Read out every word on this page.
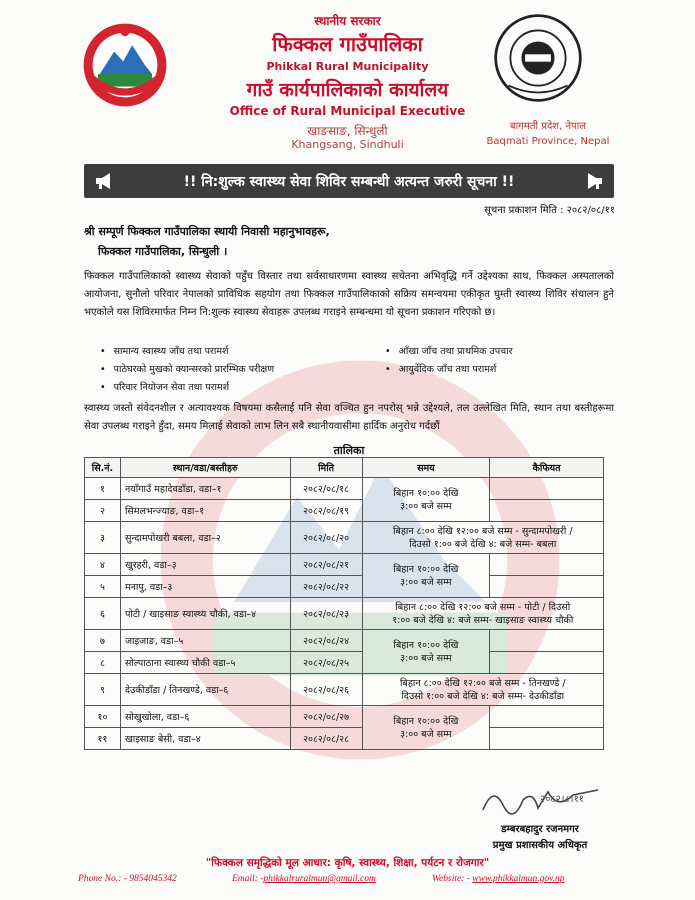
स्थानीय सरकार
फिक्कल गाउँपालिका
Phikkal Rural Municipality
गाउँ कार्यपालिकाको कार्यालय
Office of Rural Municipal Executive
खाङसाङ, सिन्धुली
Khangsang, Sindhuli
बागमती प्रदेश, नेपाल
Baqmati Province, Nepal
!! नि:शुल्क स्वास्थ्य सेवा शिविर सम्बन्धी अत्यन्त जरुरी सूचना !!
सूचना प्रकाशन मिति : २०८२/०८/११
श्री सम्पूर्ण फिक्कल गाउँपालिका स्थायी निवासी महानुभावहरू,
फिक्कल गाउँपालिका, सिन्धुली ।
फिक्कल गाउँपालिकाको स्वास्थ्य सेवाको पहुँच विस्तार तथा सर्वसाधारणमा स्वास्थ्य सचेतना अभिवृद्धि गर्ने उद्देश्यका साथ, फिक्कल अस्पतालको आयोजना, सुनौलो परिवार नेपालको प्राविधिक सहयोग तथा फिक्कल गाउँपालिकाको सक्रिय समन्वयमा एकीकृत घुम्ती स्वास्थ्य शिविर संचालन हुने भएकोले यस शिविरमार्फत निम्न नि:शुल्क स्वास्थ्य सेवाहरू उपलब्ध गराइने सम्बन्धमा यो सूचना प्रकाशन गरिएको छ।
• सामान्य स्वास्थ्य जाँच तथा परामर्श	• आँखा जाँच तथा प्राथमिक उपचार
• पाठेघरको मुखको क्यान्सरको प्रारम्भिक परीक्षण	• आयुर्वेदिक जाँच तथा परामर्श
• परिवार नियोजन सेवा तथा परामर्श
स्वास्थ्य जस्तो संवेदनशील र अत्यावश्यक विषयमा कसैलाई पनि सेवा वञ्चित हुन नपरोस् भन्ने उद्देश्यले, तल उल्लेखित मिति, स्थान तथा बस्तीहरूमा सेवा उपलब्ध गराइने हुँदा, समय मिलाई सेवाको लाभ लिन सबै स्थानीयवासीमा हार्दिक अनुरोध गर्दछौं
तालिका
सि.नं.	स्थान/वडा/बस्तीहरु	मिति	समय	कैफियत
१	नयाँगाउँ महादेवडाँडा, वडा–१	२०८२/०८/१८	बिहान १०:०० देखि
३:०० बजे सम्म	

२	सिमलभन्ज्याङ, वडा–१	२०८२/०८/१९		
३	सुन्दामपोखरी बबला, वडा–२	२०८२/०८/२०	बिहान ८:०० देखि १२:०० बजे सम्म - सुन्दामपोखरी /
दिउसो १:०० बजे देखि ४: बजे सम्म- बबला	

४	खुरहरी, वडा–३	२०८२/०८/२१	बिहान १०:०० देखि
३:०० बजे सम्म	

५	मनापु, वडा–३	२०८२/०८/२२		
६	पोटी / खाइसाङ स्वास्थ्य चौकी, वडा–४	२०८२/०८/२३	बिहान ८:०० देखि १२:०० बजे सम्म - पोटी / दिउसो
१:०० बजे देखि ४: बजे सम्म- खाइसाङ स्वास्थ्य चौकी	

७	जाइजाङ, वडा–५	२०८२/०८/२४	बिहान १०:०० देखि
३:०० बजे सम्म	

८	सोल्पाठाना स्वास्थ्य चौकी वडा–५	२०८२/०८/२५		
९	देउकीडाँडा / तिनखण्डे, वडा–६	२०८२/०८/२६	बिहान ८:०० देखि १२:०० बजे सम्म - तिनखण्डे /
दिउसो १:०० बजे देखि ४: बजे सम्म- देउकीडाँडा	

१०	सोखुखोला, वडा–६	२०८२/०८/२७	बिहान १०:०० देखि
३:०० बजे सम्म	

११	खाइसाङ बेसी, वडा–४	२०८२/०८/२८		
२०८२।८।११
डम्बरबहादुर रजनमगर
प्रमुख प्रशासकीय अधिकृत
"फिक्कल समृद्धिको मूल आधार: कृषि, स्वास्थ्य, शिक्षा, पर्यटन र रोजगार"
Phone No.: - 9854045342	Email: -phikkalruralmun@gmail.com	Website: - www.phikkalmun.gov.np
